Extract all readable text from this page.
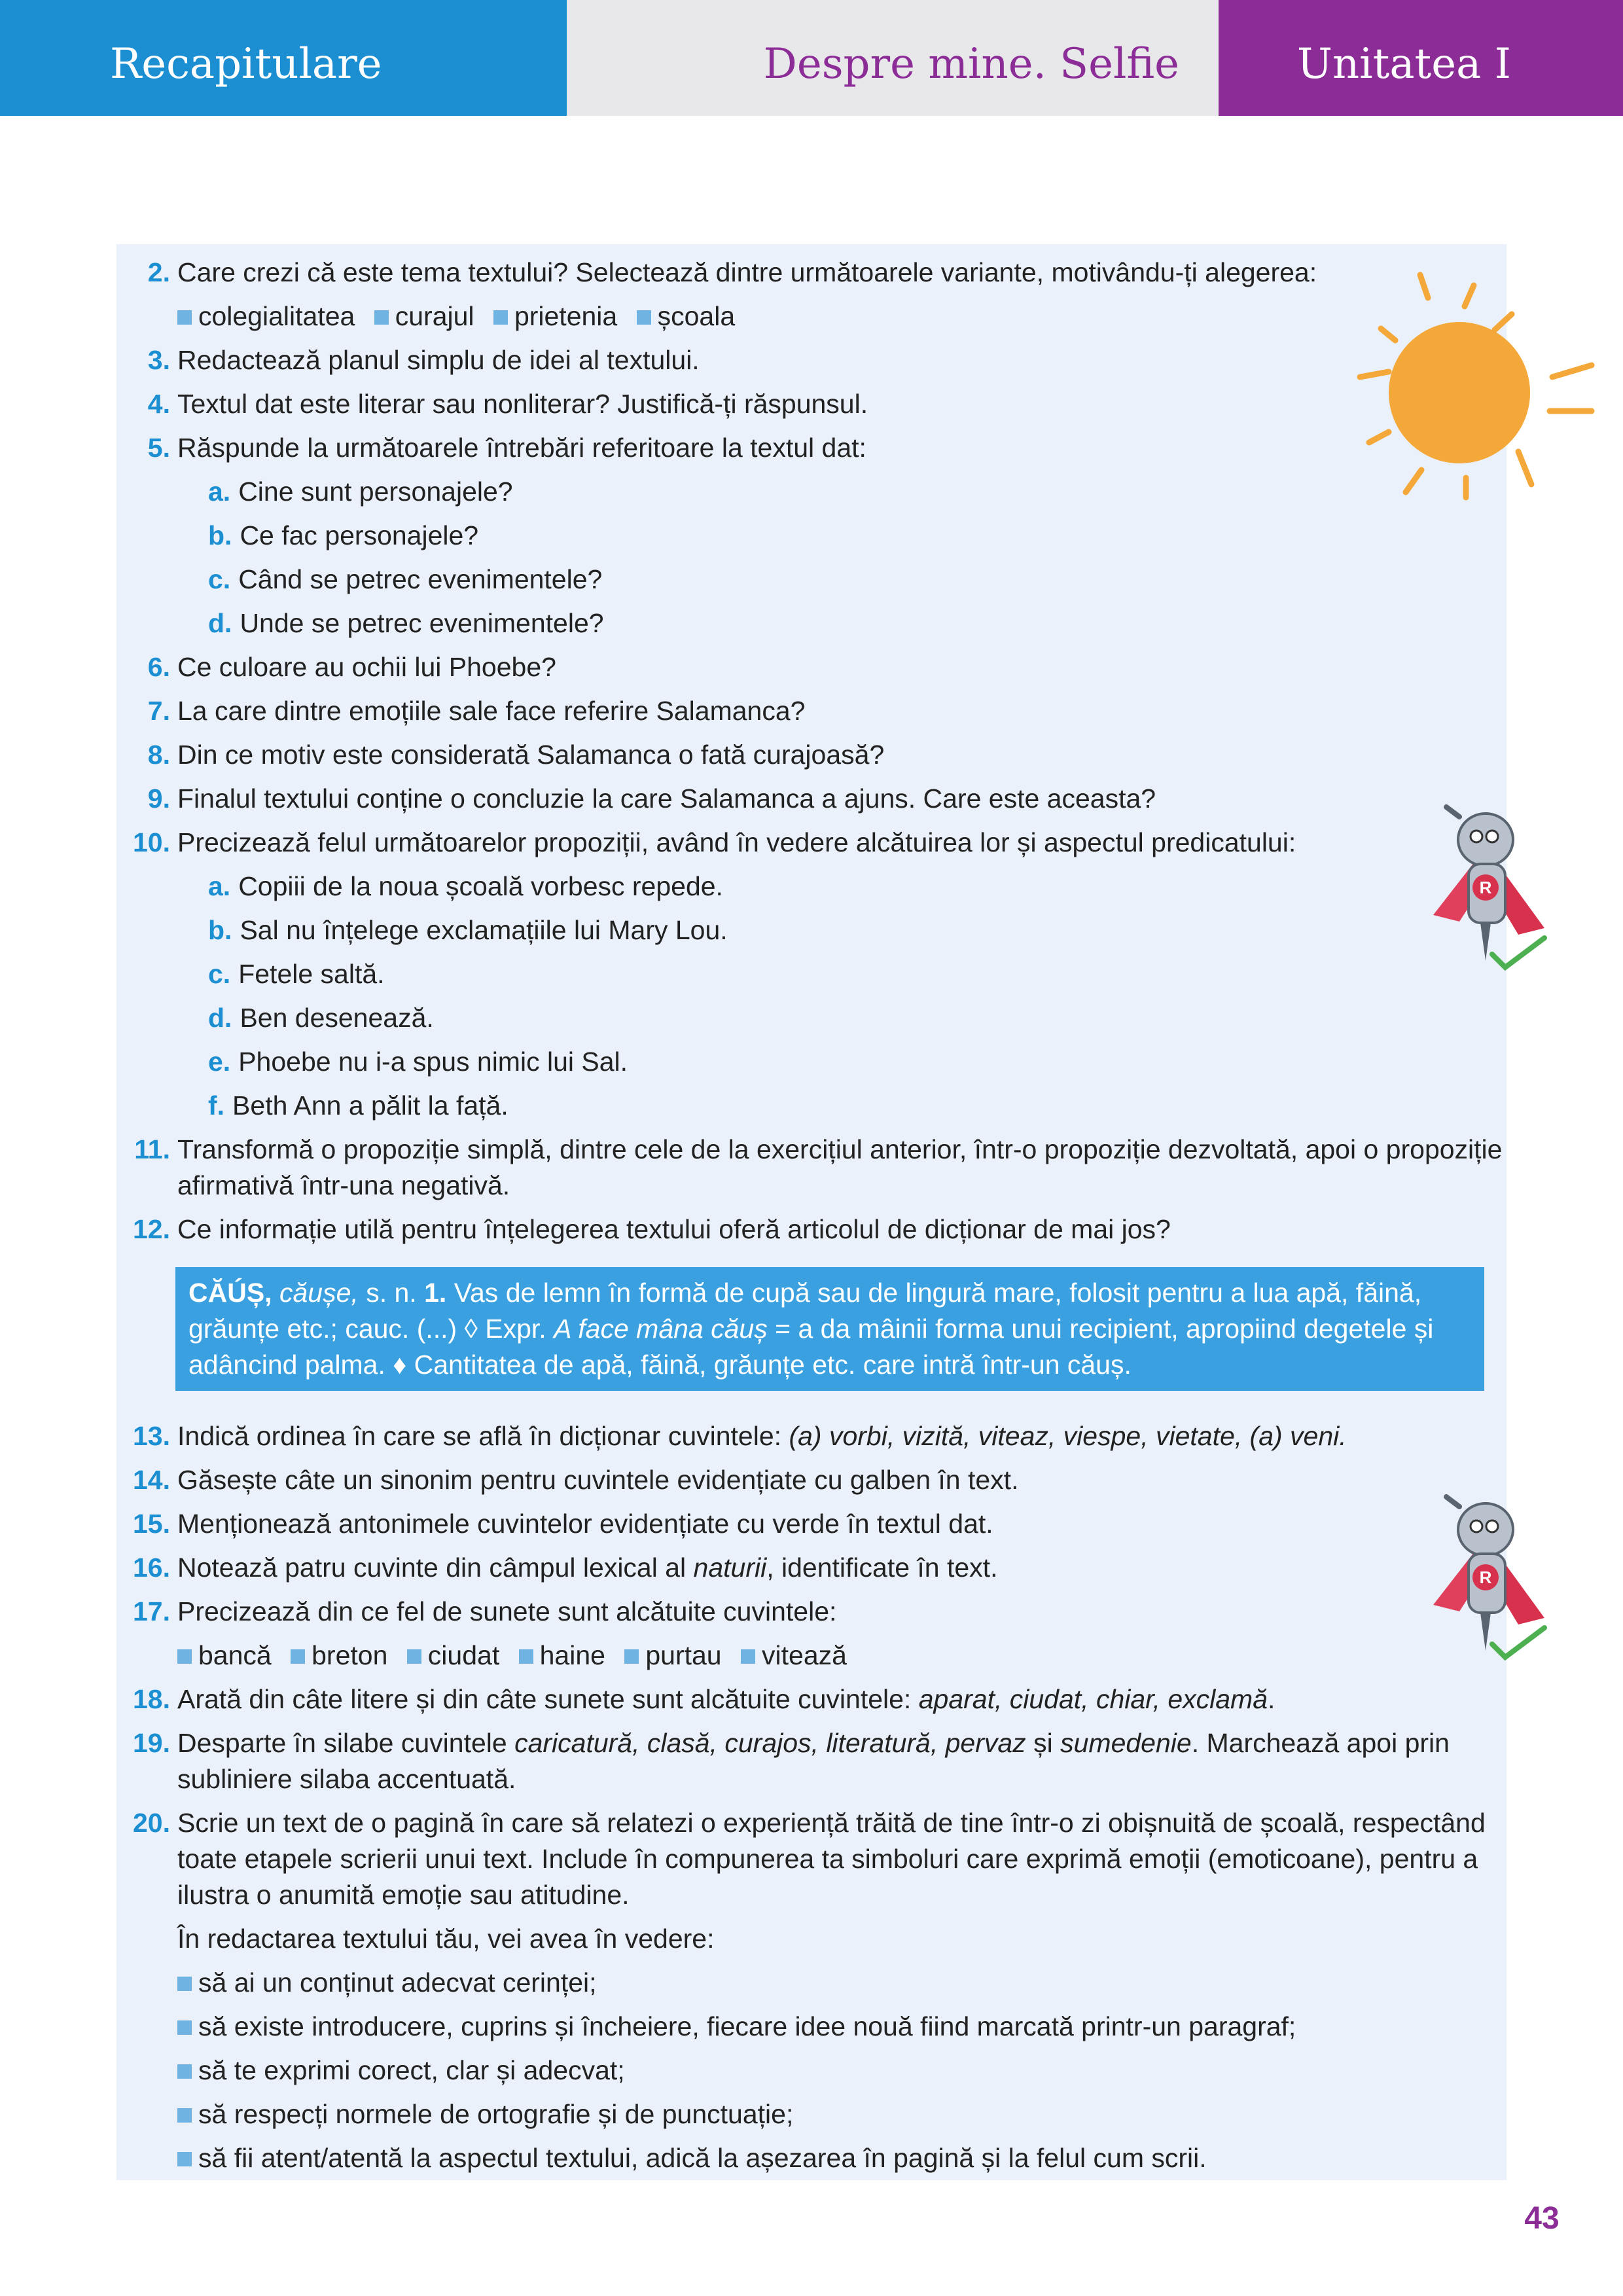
Recapitulare	Despre mine. Selfie	Unitatea I
R
R
2. Care crezi că este tema textului? Selectează dintre următoarele variante, motivându-ți alegerea:
colegialitatea curajul prietenia școala
3. Redactează planul simplu de idei al textului.
4. Textul dat este literar sau nonliterar? Justifică-ți răspunsul.
5. Răspunde la următoarele întrebări referitoare la textul dat:
a. Cine sunt personajele?
b. Ce fac personajele?
c. Când se petrec evenimentele?
d. Unde se petrec evenimentele?
6. Ce culoare au ochii lui Phoebe?
7. La care dintre emoțiile sale face referire Salamanca?
8. Din ce motiv este considerată Salamanca o fată curajoasă?
9. Finalul textului conține o concluzie la care Salamanca a ajuns. Care este aceasta?
10. Precizează felul următoarelor propoziții, având în vedere alcătuirea lor și aspectul predicatului:
a. Copiii de la noua școală vorbesc repede.
b. Sal nu înțelege exclamațiile lui Mary Lou.
c. Fetele saltă.
d. Ben desenează.
e. Phoebe nu i-a spus nimic lui Sal.
f. Beth Ann a pălit la față.
11. Transformă o propoziție simplă, dintre cele de la exercițiul anterior, într-o propoziție dezvoltată, apoi o propoziție afirmativă într-una negativă.
12. Ce informație utilă pentru înțelegerea textului oferă articolul de dicționar de mai jos?
CĂÚȘ, căușe, s. n. 1. Vas de lemn în formă de cupă sau de lingură mare, folosit pentru a lua apă, făină, grăunțe etc.; cauc. (...) ◊ Expr. A face mâna căuș = a da mâinii forma unui recipient, apropiind degetele și adâncind palma. ♦ Cantitatea de apă, făină, grăunțe etc. care intră într-un căuș.
13. Indică ordinea în care se află în dicționar cuvintele: (a) vorbi, vizită, viteaz, viespe, vietate, (a) veni.
14. Găsește câte un sinonim pentru cuvintele evidențiate cu galben în text.
15. Menționează antonimele cuvintelor evidențiate cu verde în textul dat.
16. Notează patru cuvinte din câmpul lexical al naturii, identificate în text.
17. Precizează din ce fel de sunete sunt alcătuite cuvintele:
bancă breton ciudat haine purtau vitează
18. Arată din câte litere și din câte sunete sunt alcătuite cuvintele: aparat, ciudat, chiar, exclamă.
19. Desparte în silabe cuvintele caricatură, clasă, curajos, literatură, pervaz și sumedenie. Marchează apoi prin subliniere silaba accentuată.
20. Scrie un text de o pagină în care să relatezi o experiență trăită de tine într-o zi obișnuită de școală, respectând toate etapele scrierii unui text. Include în compunerea ta simboluri care exprimă emoții (emoticoane), pentru a ilustra o anumită emoție sau atitudine.
În redactarea textului tău, vei avea în vedere:
să ai un conținut adecvat cerinței;
să existe introducere, cuprins și încheiere, fiecare idee nouă fiind marcată printr-un paragraf;
să te exprimi corect, clar și adecvat;
să respecți normele de ortografie și de punctuație;
să fii atent/atentă la aspectul textului, adică la așezarea în pagină și la felul cum scrii.
43
